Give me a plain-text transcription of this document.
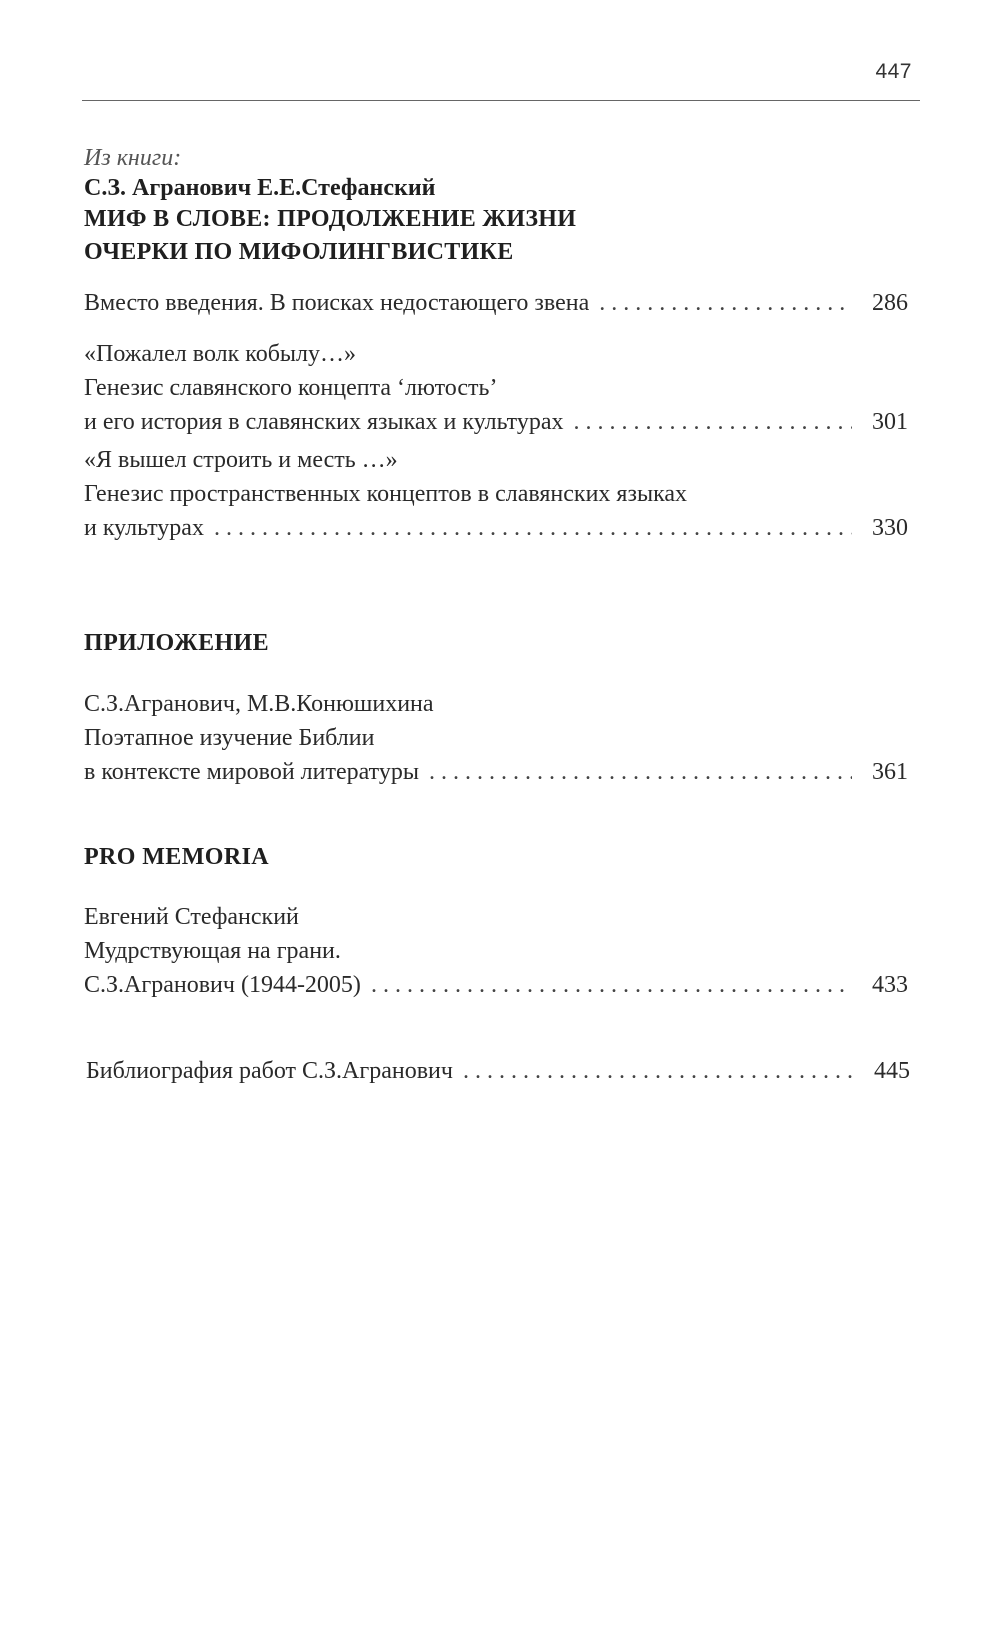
447
Из книги:
С.З. Агранович Е.Е.Стефанский
МИФ В СЛОВЕ: ПРОДОЛЖЕНИЕ ЖИЗНИ
ОЧЕРКИ ПО МИФОЛИНГВИСТИКЕ
Вместо введения. В поисках недостающего звена . . .	286
«Пожалел волк кобылу…»
Генезис славянского концепта ‘лютость’
и его история в славянских языках и культурах . . .	301
«Я вышел строить и месть …»
Генезис пространственных концептов в славянских языках
и культурах . . .	330
ПРИЛОЖЕНИЕ
С.З.Агранович, М.В.Конюшихина
Поэтапное изучение Библии
в контексте мировой литературы . . .	361
PRO MEMORIA
Евгений Стефанский
Мудрствующая на грани.
С.З.Агранович (1944-2005) . . .	433
Библиография работ С.З.Агранович . . .	445
